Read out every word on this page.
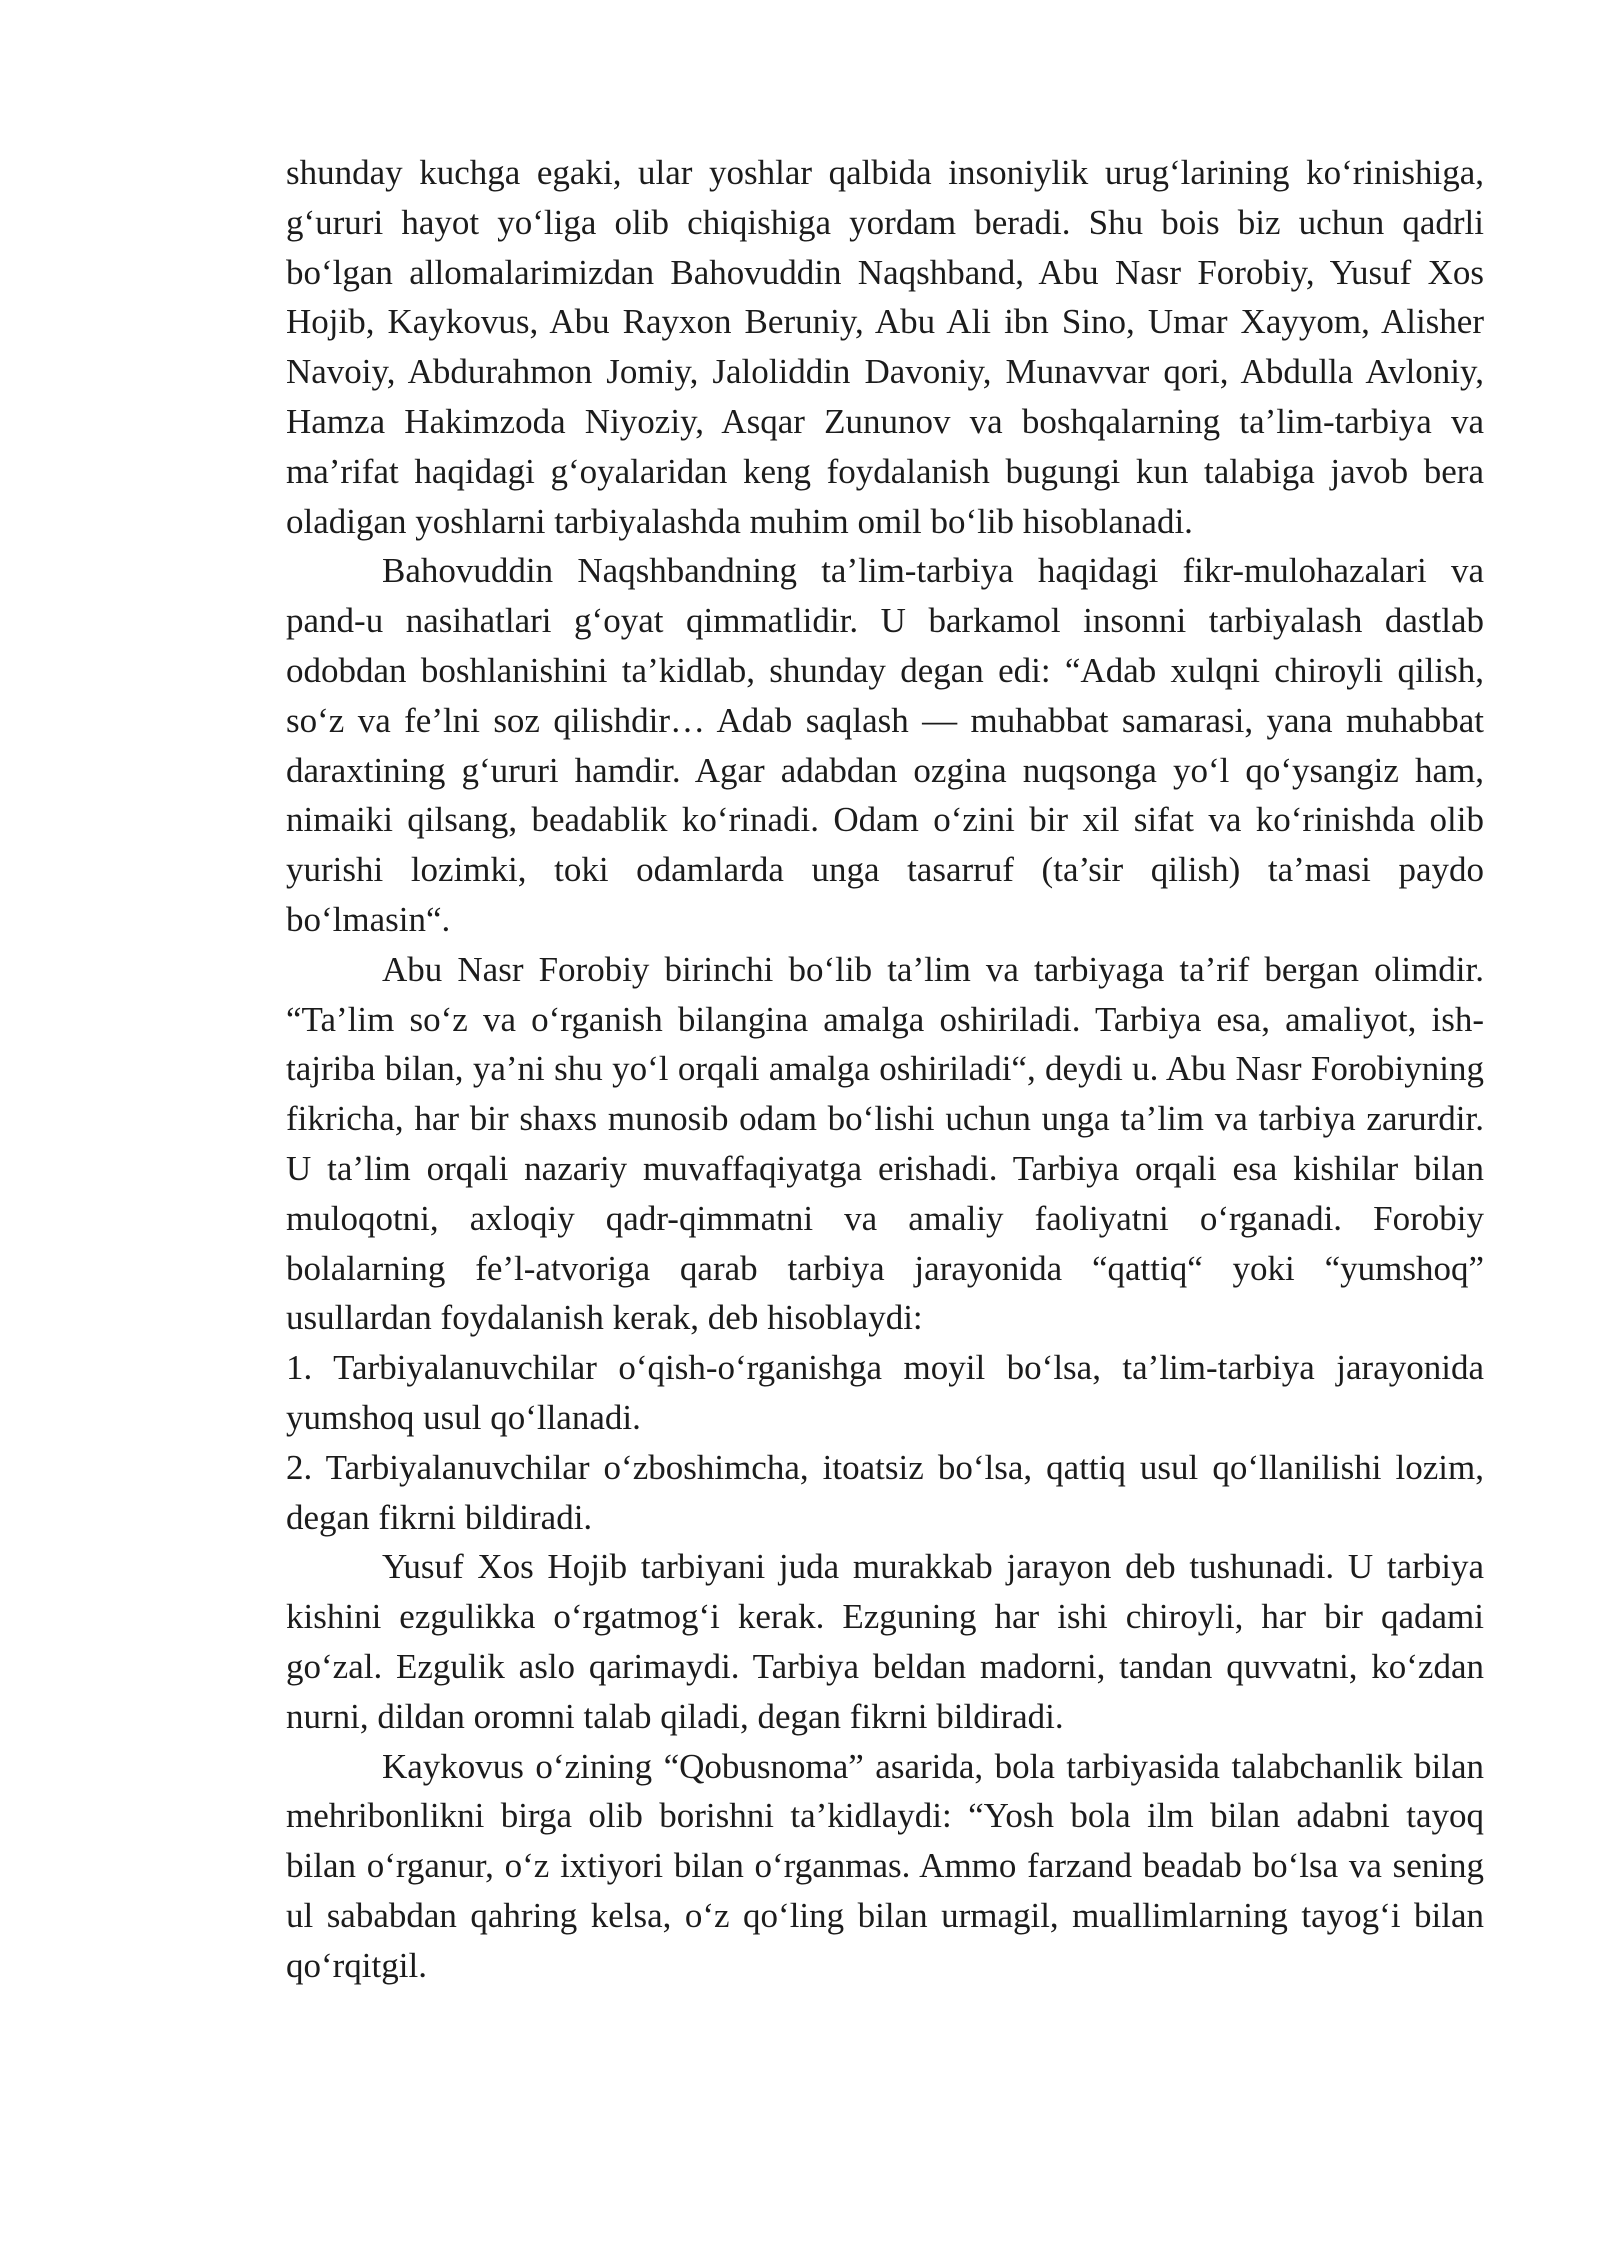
shunday kuchga egaki, ular yoshlar qalbida insoniylik urug‘larining ko‘rinishiga, g‘ururi hayot yo‘liga olib chiqishiga yordam beradi. Shu bois biz uchun qadrli bo‘lgan allomalarimizdan Bahovuddin Naqshband, Abu Nasr Forobiy, Yusuf Xos Hojib, Kaykovus, Abu Rayxon Beruniy, Abu Ali ibn Sino, Umar Xayyom, Alisher Navoiy, Abdurahmon Jomiy, Jaloliddin Davoniy, Munavvar qori, Abdulla Avloniy, Hamza Hakimzoda Niyoziy, Asqar Zununov va boshqalarning ta’lim-tarbiya va ma’rifat haqidagi g‘oyalaridan keng foydalanish bugungi kun talabiga javob bera oladigan yoshlarni tarbiyalashda muhim omil bo‘lib hisoblanadi.

Bahovuddin Naqshbandning ta’lim-tarbiya haqidagi fikr-mulohazalari va pand-u nasihatlari g‘oyat qimmatlidir. U barkamol insonni tarbiyalash dastlab odobdan boshlanishini ta’kidlab, shunday degan edi: “Adab xulqni chiroyli qilish, so‘z va fe’lni soz qilishdir… Adab saqlash — muhabbat samarasi, yana muhabbat daraxtining g‘ururi hamdir. Agar adabdan ozgina nuqsonga yo‘l qo‘ysangiz ham, nimaiki qilsang, beadablik ko‘rinadi. Odam o‘zini bir xil sifat va ko‘rinishda olib yurishi lozimki, toki odamlarda unga tasarruf (ta’sir qilish) ta’masi paydo bo‘lmasin“.

Abu Nasr Forobiy birinchi bo‘lib ta’lim va tarbiyaga ta’rif bergan olimdir. “Ta’lim so‘z va o‘rganish bilangina amalga oshiriladi. Tarbiya esa, amaliyot, ish-tajriba bilan, ya’ni shu yo‘l orqali amalga oshiriladi“, deydi u. Abu Nasr Forobiyning fikricha, har bir shaxs munosib odam bo‘lishi uchun unga ta’lim va tarbiya zarurdir. U ta’lim orqali nazariy muvaffaqiyatga erishadi. Tarbiya orqali esa kishilar bilan muloqotni, axloqiy qadr-qimmatni va amaliy faoliyatni o‘rganadi. Forobiy bolalarning fe’l-atvoriga qarab tarbiya jarayonida “qattiq“ yoki “yumshoq” usullardan foydalanish kerak, deb hisoblaydi:

1. Tarbiyalanuvchilar o‘qish-o‘rganishga moyil bo‘lsa, ta’lim-tarbiya jarayonida yumshoq usul qo‘llanadi.

2. Tarbiyalanuvchilar o‘zboshimcha, itoatsiz bo‘lsa, qattiq usul qo‘llanilishi lozim, degan fikrni bildiradi.

Yusuf Xos Hojib tarbiyani juda murakkab jarayon deb tushunadi. U tarbiya kishini ezgulikka o‘rgatmog‘i kerak. Ezguning har ishi chiroyli, har bir qadami go‘zal. Ezgulik aslo qarimaydi. Tarbiya beldan madorni, tandan quvvatni, ko‘zdan nurni, dildan oromni talab qiladi, degan fikrni bildiradi.

Kaykovus o‘zining “Qobusnoma” asarida, bola tarbiyasida talabchanlik bilan mehribonlikni birga olib borishni ta’kidlaydi: “Yosh bola ilm bilan adabni tayoq bilan o‘rganur, o‘z ixtiyori bilan o‘rganmas. Ammo farzand beadab bo‘lsa va sening ul sababdan qahring kelsa, o‘z qo‘ling bilan urmagil, muallimlarning tayog‘i bilan qo‘rqitgil.
